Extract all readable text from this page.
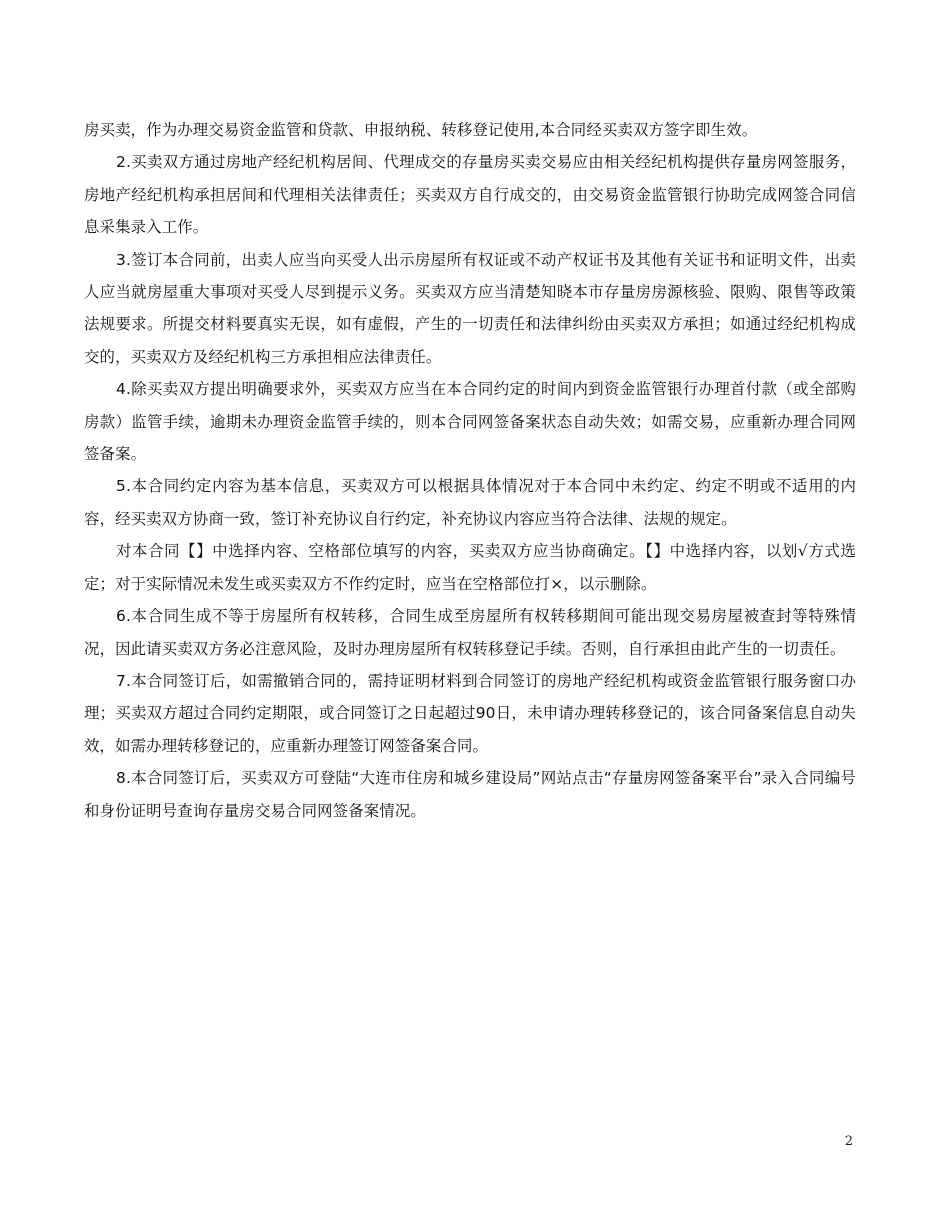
房买卖，作为办理交易资金监管和贷款、申报纳税、转移登记使用,本合同经买卖双方签字即生效。

2.买卖双方通过房地产经纪机构居间、代理成交的存量房买卖交易应由相关经纪机构提供存量房网签服务，房地产经纪机构承担居间和代理相关法律责任；买卖双方自行成交的，由交易资金监管银行协助完成网签合同信息采集录入工作。

3.签订本合同前，出卖人应当向买受人出示房屋所有权证或不动产权证书及其他有关证书和证明文件，出卖人应当就房屋重大事项对买受人尽到提示义务。买卖双方应当清楚知晓本市存量房房源核验、限购、限售等政策法规要求。所提交材料要真实无误，如有虚假，产生的一切责任和法律纠纷由买卖双方承担；如通过经纪机构成交的，买卖双方及经纪机构三方承担相应法律责任。

4.除买卖双方提出明确要求外，买卖双方应当在本合同约定的时间内到资金监管银行办理首付款（或全部购房款）监管手续，逾期未办理资金监管手续的，则本合同网签备案状态自动失效；如需交易，应重新办理合同网签备案。

5.本合同约定内容为基本信息，买卖双方可以根据具体情况对于本合同中未约定、约定不明或不适用的内容，经买卖双方协商一致，签订补充协议自行约定，补充协议内容应当符合法律、法规的规定。

对本合同【】中选择内容、空格部位填写的内容，买卖双方应当协商确定。【】中选择内容，以划√方式选定；对于实际情况未发生或买卖双方不作约定时，应当在空格部位打×，以示删除。

6.本合同生成不等于房屋所有权转移，合同生成至房屋所有权转移期间可能出现交易房屋被查封等特殊情况，因此请买卖双方务必注意风险，及时办理房屋所有权转移登记手续。否则，自行承担由此产生的一切责任。

7.本合同签订后，如需撤销合同的，需持证明材料到合同签订的房地产经纪机构或资金监管银行服务窗口办理；买卖双方超过合同约定期限，或合同签订之日起超过90日，未申请办理转移登记的，该合同备案信息自动失效，如需办理转移登记的，应重新办理签订网签备案合同。

8.本合同签订后，买卖双方可登陆“大连市住房和城乡建设局”网站点击“存量房网签备案平台”录入合同编号和身份证明号查询存量房交易合同网签备案情况。

2
